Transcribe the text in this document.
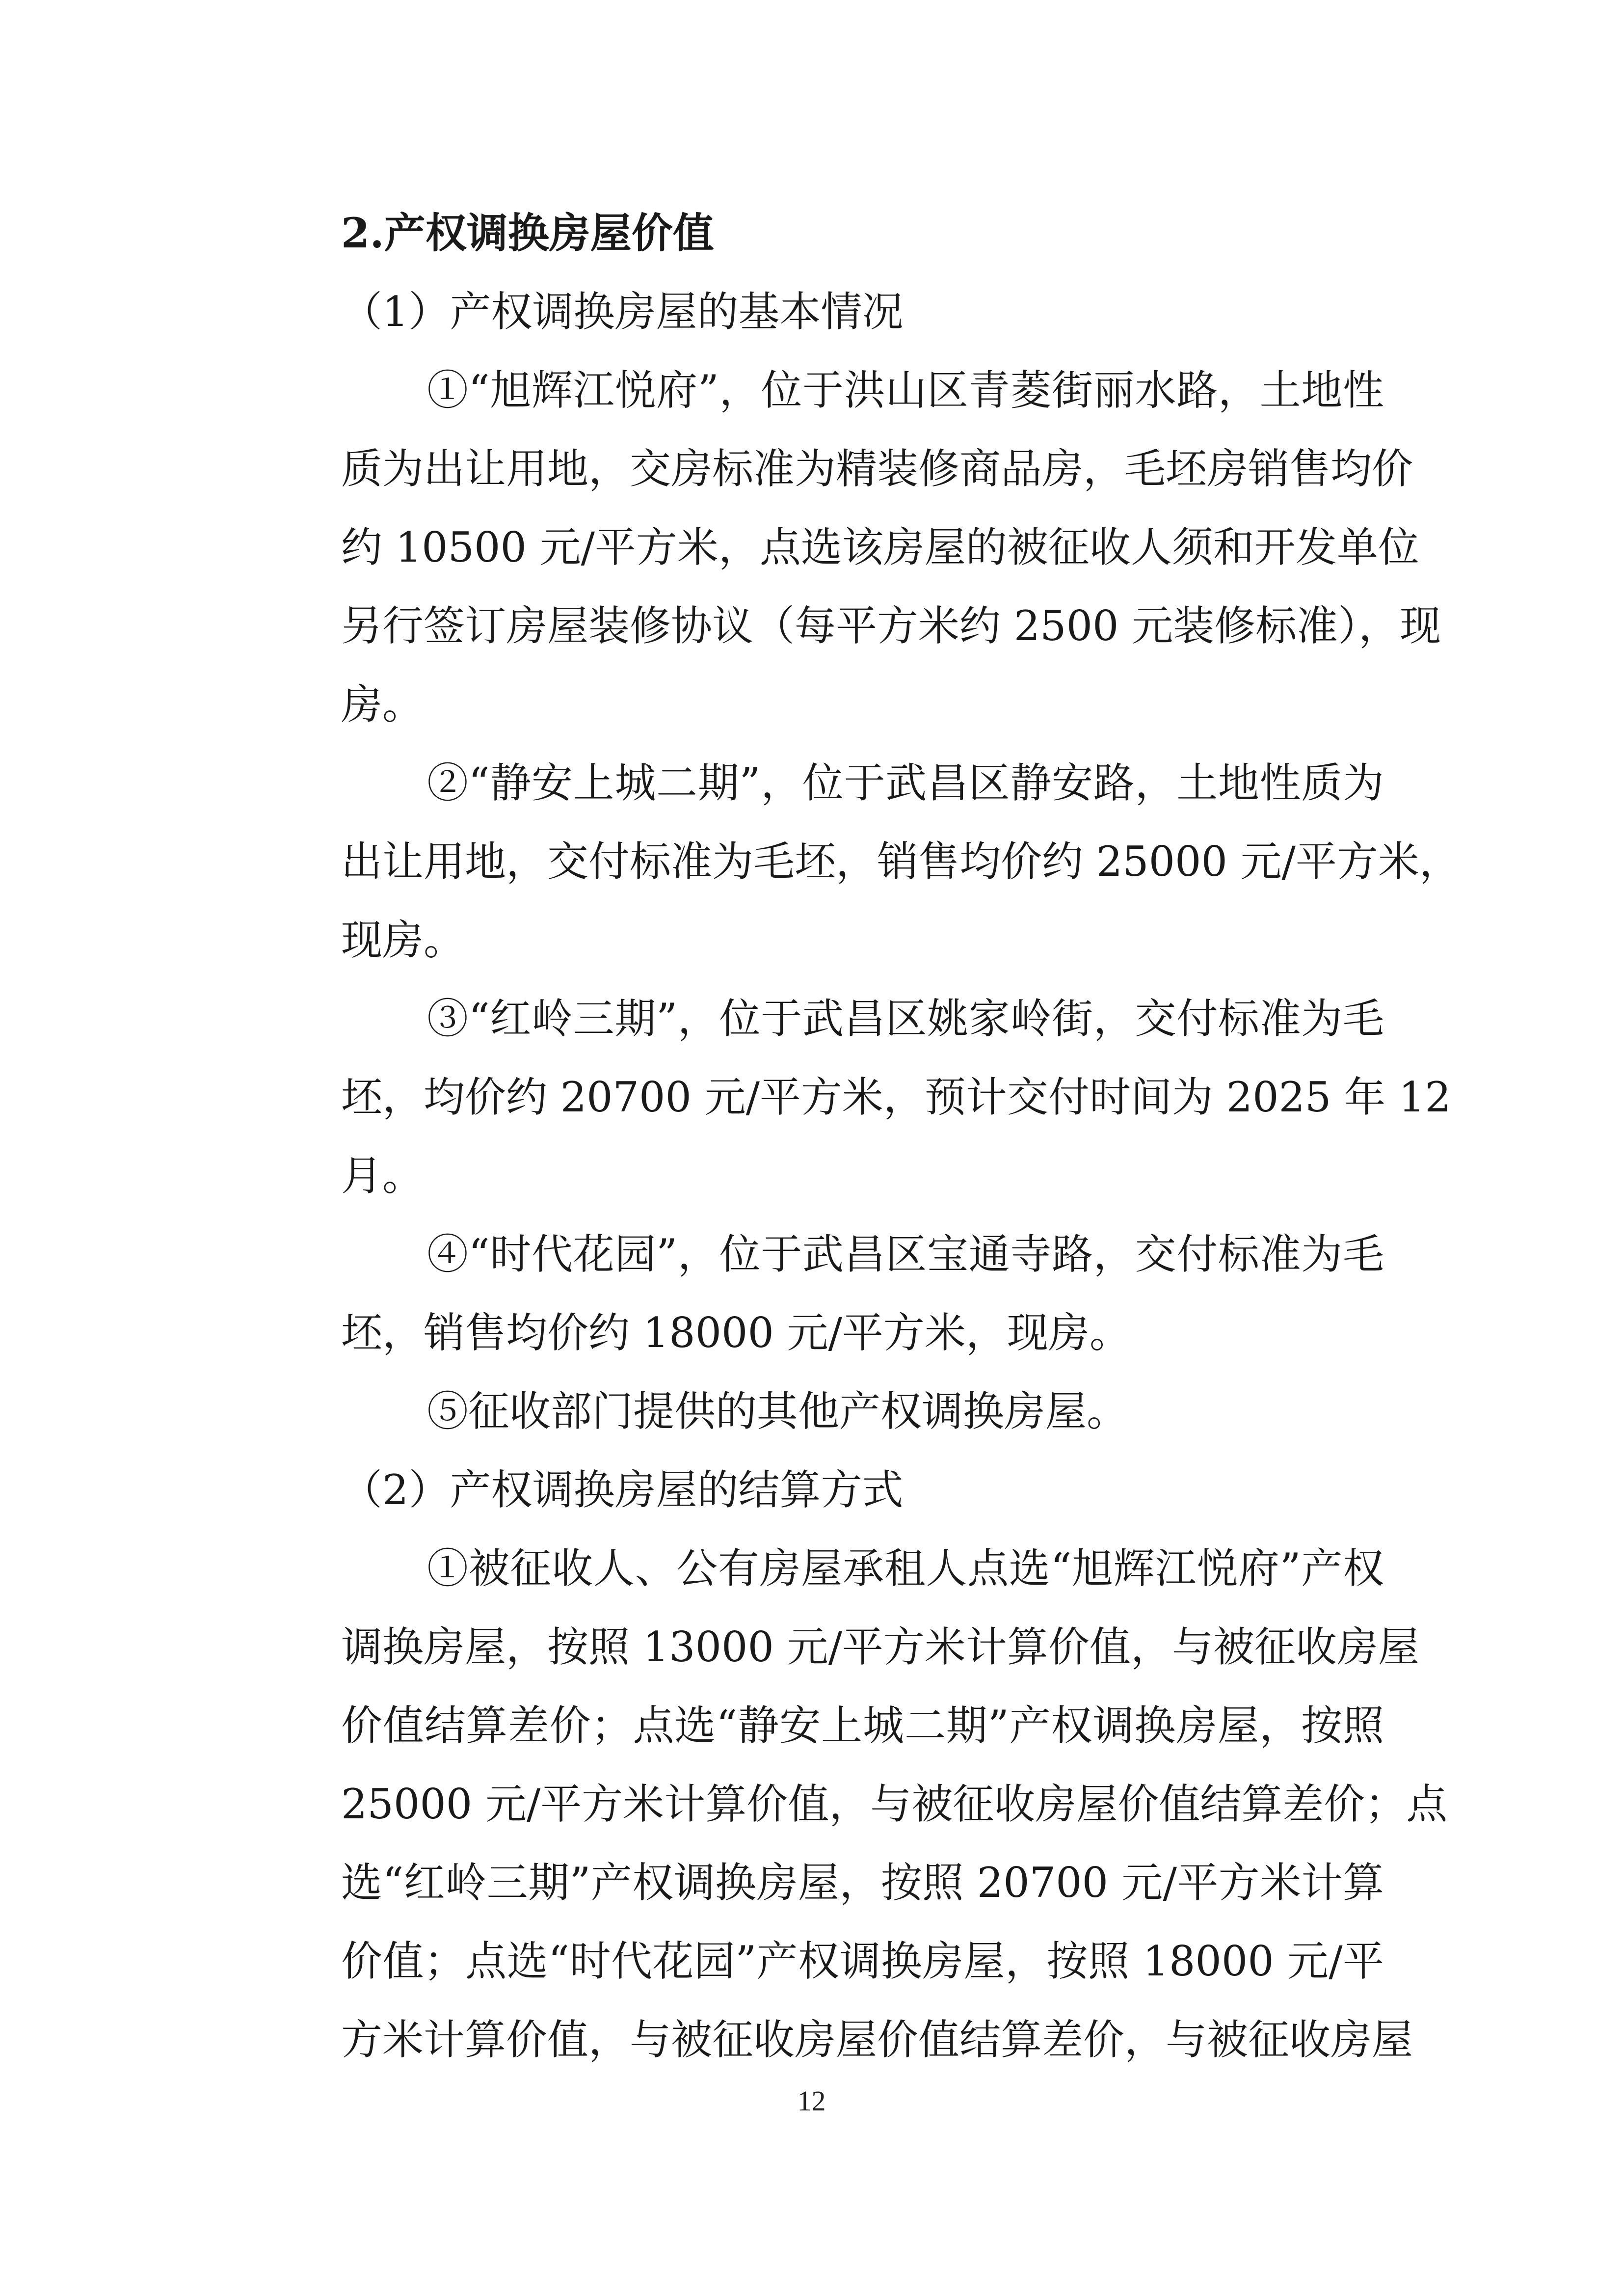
2.产权调换房屋价值
（1）产权调换房屋的基本情况
①“旭辉江悦府”，位于洪山区青菱街丽水路，土地性
质为出让用地，交房标准为精装修商品房，毛坯房销售均价
约 10500 元/平方米，点选该房屋的被征收人须和开发单位
另行签订房屋装修协议（每平方米约 2500 元装修标准），现
房。
②“静安上城二期”，位于武昌区静安路，土地性质为
出让用地，交付标准为毛坯，销售均价约 25000 元/平方米，
现房。
③“红岭三期”，位于武昌区姚家岭街，交付标准为毛
坯，均价约 20700 元/平方米，预计交付时间为 2025 年 12
月。
④“时代花园”，位于武昌区宝通寺路，交付标准为毛
坯，销售均价约 18000 元/平方米，现房。
⑤征收部门提供的其他产权调换房屋。
（2）产权调换房屋的结算方式
①被征收人、公有房屋承租人点选“旭辉江悦府”产权
调换房屋，按照 13000 元/平方米计算价值，与被征收房屋
价值结算差价；点选“静安上城二期”产权调换房屋，按照
25000 元/平方米计算价值，与被征收房屋价值结算差价；点
选“红岭三期”产权调换房屋，按照 20700 元/平方米计算
价值；点选“时代花园”产权调换房屋，按照 18000 元/平
方米计算价值，与被征收房屋价值结算差价，与被征收房屋
12
